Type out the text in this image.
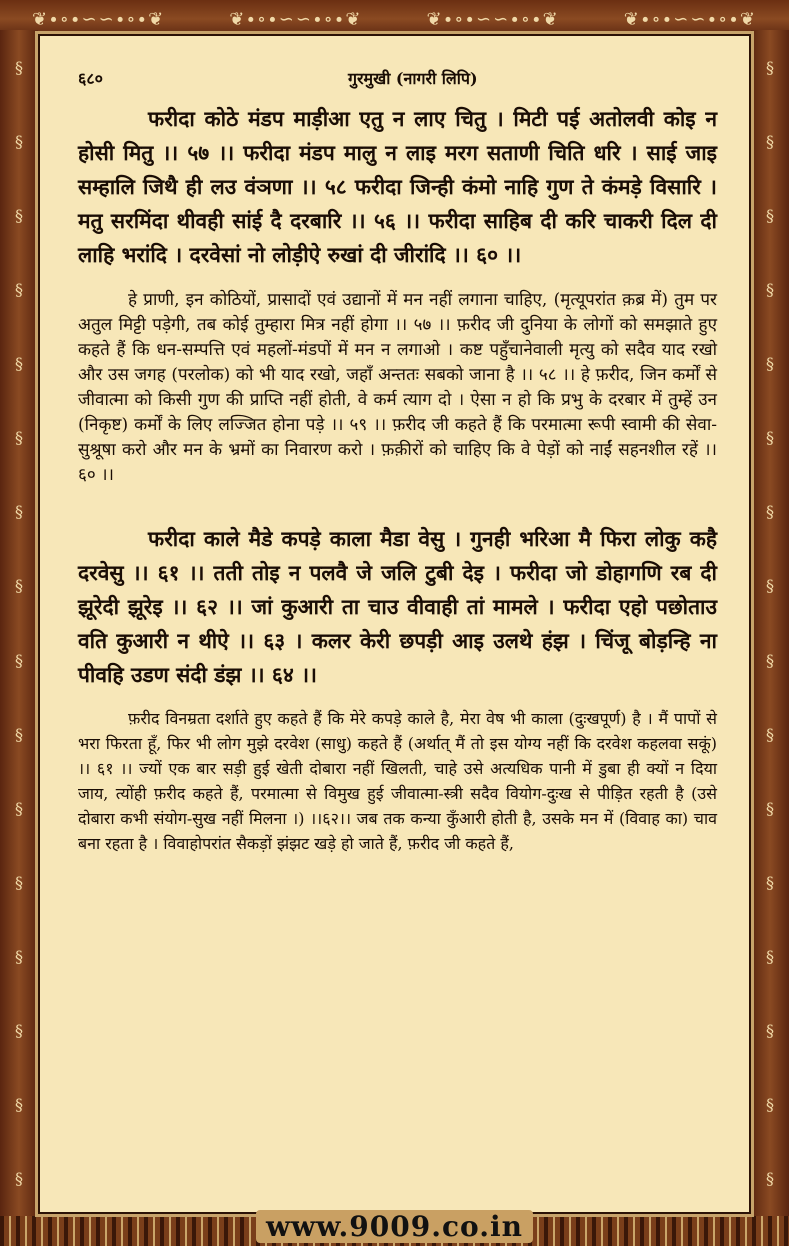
❦∙∘∙∽∽∙∘∙❦	❦∙∘∙∽∽∙∘∙❦	❦∙∘∙∽∽∙∘∙❦	❦∙∘∙∽∽∙∘∙❦
§
§
§
§
§
§
§
§
§
§
§
§
§
§
§
§
§
§
§
§
§
§
§
§
§
§
§
§
§
§
§
§
६८०	गुरमुखी (नागरी लिपि)

फरीदा कोठे मंडप माड़ीआ एतु न लाए चितु । मिटी पई अतोलवी कोइ न होसी मितु ।। ५७ ।। फरीदा मंडप मालु न लाइ मरग सताणी चिति धरि । साई जाइ सम्हालि जिथै ही लउ वंञणा ।। ५८ फरीदा जिन्ही कंमो नाहि गुण ते कंमड़े विसारि । मतु सरमिंदा थीवही सांई दै दरबारि ।। ५६ ।। फरीदा साहिब दी करि चाकरी दिल दी लाहि भरांदि । दरवेसां नो लोड़ीऐ रुखां दी जीरांदि ।। ६० ।।

हे प्राणी, इन कोठियों, प्रासादों एवं उद्यानों में मन नहीं लगाना चाहिए, (मृत्यूपरांत क़ब्र में) तुम पर अतुल मिट्टी पड़ेगी, तब कोई तुम्हारा मित्र नहीं होगा ।। ५७ ।। फ़रीद जी दुनिया के लोगों को समझाते हुए कहते हैं कि धन-सम्पत्ति एवं महलों-मंडपों में मन न लगाओ । कष्ट पहुँचानेवाली मृत्यु को सदैव याद रखो और उस जगह (परलोक) को भी याद रखो, जहाँ अन्ततः सबको जाना है ।। ५८ ।। हे फ़रीद, जिन कर्मों से जीवात्मा को किसी गुण की प्राप्ति नहीं होती, वे कर्म त्याग दो । ऐसा न हो कि प्रभु के दरबार में तुम्हें उन (निकृष्ट) कर्मों के लिए लज्जित होना पड़े ।। ५९ ।। फ़रीद जी कहते हैं कि परमात्मा रूपी स्वामी की सेवा-सुश्रूषा करो और मन के भ्रमों का निवारण करो । फ़क़ीरों को चाहिए कि वे पेड़ों को नाईं सहनशील रहें ।। ६० ।।

फरीदा काले मैडे कपड़े काला मैडा वेसु । गुनही भरिआ मै फिरा लोकु कहै दरवेसु ।। ६१ ।। तती तोइ न पलवै जे जलि टुबी देइ । फरीदा जो डोहागणि रब दी झूरेदी झूरेइ ।। ६२ ।। जां कुआरी ता चाउ वीवाही तां मामले । फरीदा एहो पछोताउ वति कुआरी न थीऐ ।। ६३ । कलर केरी छपड़ी आइ उलथे हंझ । चिंजू बोड़न्हि ना पीवहि उडण संदी डंझ ।। ६४ ।।

फ़रीद विनम्रता दर्शाते हुए कहते हैं कि मेरे कपड़े काले है, मेरा वेष भी काला (दुःखपूर्ण) है । मैं पापों से भरा फिरता हूँ, फिर भी लोग मुझे दरवेश (साधु) कहते हैं (अर्थात् मैं तो इस योग्य नहीं कि दरवेश कहलवा सकूं) ।। ६१ ।। ज्यों एक बार सड़ी हुई खेती दोबारा नहीं खिलती, चाहे उसे अत्यधिक पानी में डुबा ही क्यों न दिया जाय, त्योंही फ़रीद कहते हैं, परमात्मा से विमुख हुई जीवात्मा-स्त्री सदैव वियोग-दुःख से पीड़ित रहती है (उसे दोबारा कभी संयोग-सुख नहीं मिलना ।) ।।६२।। जब तक कन्या कुँआरी होती है, उसके मन में (विवाह का) चाव बना रहता है । विवाहोपरांत सैकड़ों झंझट खड़े हो जाते हैं, फ़रीद जी कहते हैं,

www.9009.co.in
